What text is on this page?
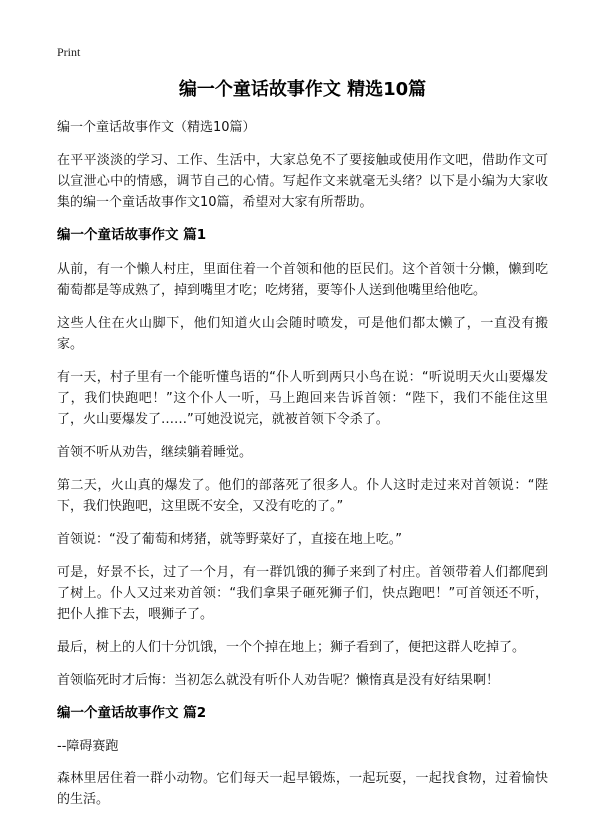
Print
编一个童话故事作文 精选10篇
编一个童话故事作文（精选10篇）

在平平淡淡的学习、工作、生活中，大家总免不了要接触或使用作文吧，借助作文可以宣泄心中的情感，调节自己的心情。写起作文来就毫无头绪？以下是小编为大家收集的编一个童话故事作文10篇，希望对大家有所帮助。

编一个童话故事作文 篇1

从前，有一个懒人村庄，里面住着一个首领和他的臣民们。这个首领十分懒，懒到吃葡萄都是等成熟了，掉到嘴里才吃；吃烤猪，要等仆人送到他嘴里给他吃。

这些人住在火山脚下，他们知道火山会随时喷发，可是他们都太懒了，一直没有搬家。

有一天，村子里有一个能听懂鸟语的“仆人听到两只小鸟在说：“听说明天火山要爆发了，我们快跑吧！”这个仆人一听，马上跑回来告诉首领：“陛下，我们不能住这里了，火山要爆发了……”可她没说完，就被首领下令杀了。

首领不听从劝告，继续躺着睡觉。

第二天，火山真的爆发了。他们的部落死了很多人。仆人这时走过来对首领说：“陛下，我们快跑吧，这里既不安全，又没有吃的了。”

首领说：“没了葡萄和烤猪，就等野菜好了，直接在地上吃。”

可是，好景不长，过了一个月，有一群饥饿的狮子来到了村庄。首领带着人们都爬到了树上。仆人又过来劝首领：“我们拿果子砸死狮子们，快点跑吧！”可首领还不听，把仆人推下去，喂狮子了。

最后，树上的人们十分饥饿，一个个掉在地上；狮子看到了，便把这群人吃掉了。

首领临死时才后悔：当初怎么就没有听仆人劝告呢？懒惰真是没有好结果啊！

编一个童话故事作文 篇2
--障碍赛跑

森林里居住着一群小动物。它们每天一起早锻炼，一起玩耍，一起找食物，过着愉快的生活。
